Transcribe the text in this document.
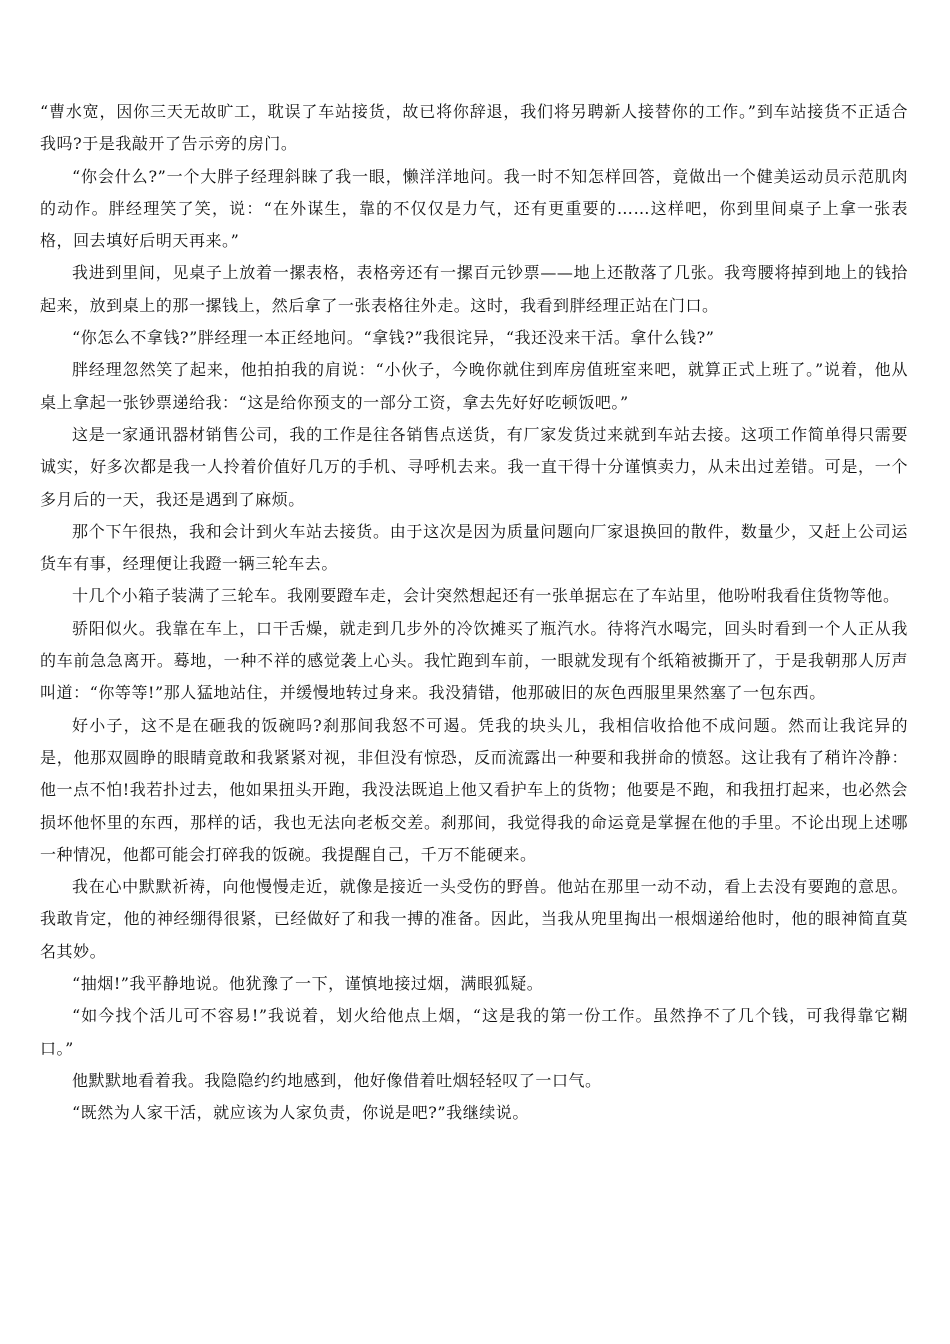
“曹水宽，因你三天无故旷工，耽误了车站接货，故已将你辞退，我们将另聘新人接替你的工作。”到车站接货不正适合我吗?于是我敲开了告示旁的房门。

“你会什么?”一个大胖子经理斜睐了我一眼，懒洋洋地问。我一时不知怎样回答，竟做出一个健美运动员示范肌肉的动作。胖经理笑了笑，说：“在外谋生，靠的不仅仅是力气，还有更重要的……这样吧，你到里间桌子上拿一张表格，回去填好后明天再来。”

我进到里间，见桌子上放着一摞表格，表格旁还有一摞百元钞票——地上还散落了几张。我弯腰将掉到地上的钱拾起来，放到桌上的那一摞钱上，然后拿了一张表格往外走。这时，我看到胖经理正站在门口。

“你怎么不拿钱?”胖经理一本正经地问。“拿钱?”我很诧异，“我还没来干活。拿什么钱?”

胖经理忽然笑了起来，他拍拍我的肩说：“小伙子，今晚你就住到库房值班室来吧，就算正式上班了。”说着，他从桌上拿起一张钞票递给我：“这是给你预支的一部分工资，拿去先好好吃顿饭吧。”

这是一家通讯器材销售公司，我的工作是往各销售点送货，有厂家发货过来就到车站去接。这项工作简单得只需要诚实，好多次都是我一人拎着价值好几万的手机、寻呼机去来。我一直干得十分谨慎卖力，从未出过差错。可是，一个多月后的一天，我还是遇到了麻烦。

那个下午很热，我和会计到火车站去接货。由于这次是因为质量问题向厂家退换回的散件，数量少，又赶上公司运货车有事，经理便让我蹬一辆三轮车去。

十几个小箱子装满了三轮车。我刚要蹬车走，会计突然想起还有一张单据忘在了车站里，他吩咐我看住货物等他。

骄阳似火。我靠在车上，口干舌燥，就走到几步外的冷饮摊买了瓶汽水。待将汽水喝完，回头时看到一个人正从我的车前急急离开。蓦地，一种不祥的感觉袭上心头。我忙跑到车前，一眼就发现有个纸箱被撕开了，于是我朝那人厉声叫道：“你等等!”那人猛地站住，并缓慢地转过身来。我没猜错，他那破旧的灰色西服里果然塞了一包东西。

好小子，这不是在砸我的饭碗吗?刹那间我怒不可遏。凭我的块头儿，我相信收拾他不成问题。然而让我诧异的是，他那双圆睁的眼睛竟敢和我紧紧对视，非但没有惊恐，反而流露出一种要和我拼命的愤怒。这让我有了稍许冷静：他一点不怕!我若扑过去，他如果扭头开跑，我没法既追上他又看护车上的货物；他要是不跑，和我扭打起来，也必然会损坏他怀里的东西，那样的话，我也无法向老板交差。刹那间，我觉得我的命运竟是掌握在他的手里。不论出现上述哪一种情况，他都可能会打碎我的饭碗。我提醒自己，千万不能硬来。

我在心中默默祈祷，向他慢慢走近，就像是接近一头受伤的野兽。他站在那里一动不动，看上去没有要跑的意思。我敢肯定，他的神经绷得很紧，已经做好了和我一搏的准备。因此，当我从兜里掏出一根烟递给他时，他的眼神简直莫名其妙。

“抽烟!”我平静地说。他犹豫了一下，谨慎地接过烟，满眼狐疑。

“如今找个活儿可不容易!”我说着，划火给他点上烟，“这是我的第一份工作。虽然挣不了几个钱，可我得靠它糊口。”

他默默地看着我。我隐隐约约地感到，他好像借着吐烟轻轻叹了一口气。

“既然为人家干活，就应该为人家负责，你说是吧?”我继续说。
